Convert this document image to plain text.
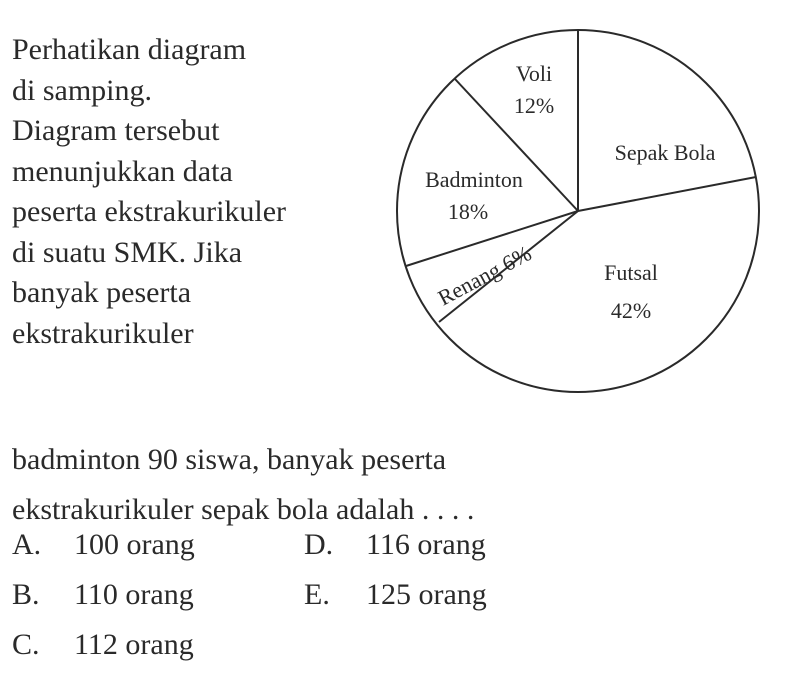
Perhatikan diagram
di samping.
Diagram tersebut
menunjukkan data
peserta ekstrakurikuler
di suatu SMK. Jika
banyak peserta
ekstrakurikuler
Voli
12%
Sepak Bola
Badminton
18%
Renang 6%	Futsal
42%
badminton 90 siswa, banyak peserta
ekstrakurikuler sepak bola adalah . . . .
A. 100 orang
B. 110 orang
C. 112 orang
D. 116 orang
E. 125 orang
